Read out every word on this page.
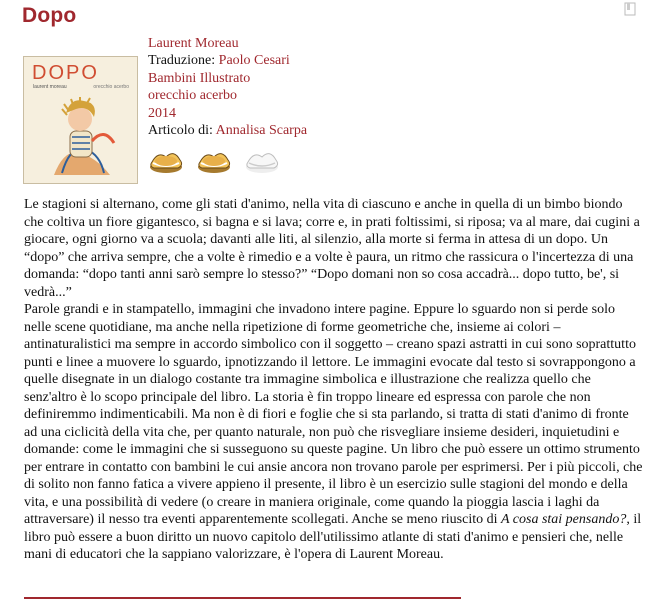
Dopo
DOPO
laurent moreau	orecchio acerbo
Laurent Moreau
Traduzione: Paolo Cesari
Bambini Illustrato
orecchio acerbo
2014
Articolo di: Annalisa Scarpa

Le stagioni si alternano, come gli stati d'animo, nella vita di ciascuno e anche in quella di un bimbo biondo che coltiva un fiore gigantesco, si bagna e si lava; corre e, in prati foltissimi, si riposa; va al mare, dai cugini a giocare, ogni giorno va a scuola; davanti alle liti, al silenzio, alla morte si ferma in attesa di un dopo. Un “dopo” che arriva sempre, che a volte è rimedio e a volte è paura, un ritmo che rassicura o l'incertezza di una domanda: “dopo tanti anni sarò sempre lo stesso?” “Dopo domani non so cosa accadrà... dopo tutto, be', si vedrà...”

Parole grandi e in stampatello, immagini che invadono intere pagine. Eppure lo sguardo non si perde solo nelle scene quotidiane, ma anche nella ripetizione di forme geometriche che, insieme ai colori – antinaturalistici ma sempre in accordo simbolico con il soggetto – creano spazi astratti in cui sono soprattutto punti e linee a muovere lo sguardo, ipnotizzando il lettore. Le immagini evocate dal testo si sovrappongono a quelle disegnate in un dialogo costante tra immagine simbolica e illustrazione che realizza quello che senz'altro è lo scopo principale del libro. La storia è fin troppo lineare ed espressa con parole che non definiremmo indimenticabili. Ma non è di fiori e foglie che si sta parlando, si tratta di stati d'animo di fronte ad una ciclicità della vita che, per quanto naturale, non può che risvegliare insieme desideri, inquietudini e domande: come le immagini che si susseguono su queste pagine. Un libro che può essere un ottimo strumento per entrare in contatto con bambini le cui ansie ancora non trovano parole per esprimersi. Per i più piccoli, che di solito non fanno fatica a vivere appieno il presente, il libro è un esercizio sulle stagioni del mondo e della vita, e una possibilità di vedere (o creare in maniera originale, come quando la pioggia lascia i laghi da attraversare) il nesso tra eventi apparentemente scollegati. Anche se meno riuscito di A cosa stai pensando?, il libro può essere a buon diritto un nuovo capitolo dell'utilissimo atlante di stati d'animo e pensieri che, nelle mani di educatori che la sappiano valorizzare, è l'opera di Laurent Moreau.
